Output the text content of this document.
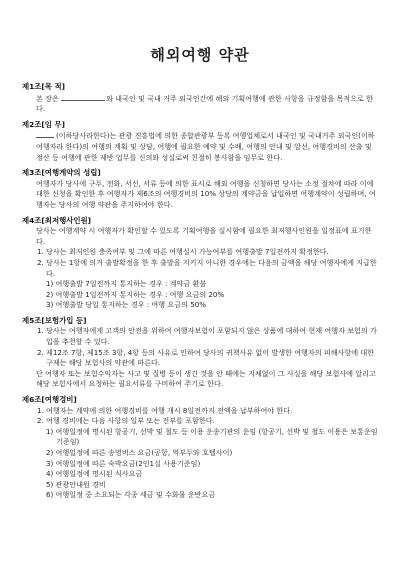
해외여행 약관
제1조[목 적]

본 장은	와 내국인 및 국내 거주 외국인간에 해외 기획여행에 관한 사항을 규정함을 목적으로 한다.

제2조[임 무]

(이하당사라한다)는 관광 진흥법에 의한 종합관광부 등록 여행업체로서 내국인 및 국내거주 외국인(이하 여행자라 한다)의 여행의 계획 및 상담, 여행에 필요한 예약 및 수배, 여행의 안내 및 알선, 여행경비의 산출 및 정산 등 여행에 관한 제반 업무를 신의와 성실로써 친절히 봉사함을 임무로 한다.

제3조[여행계약의 성립]

여행자가 당사에 구두, 전화, 서신, 서류 등에 의한 표시로 해외 여행을 신청하면 당사는 소정 절차에 따라 이에 대한 신청을 확인한 후 여행자가 제6조의 여행경비의 10% 상당의 계약금을 납입하면 여행계약이 성립하며, 여행자는 당사의 여행 약관을 주지하여야 한다.

제4조[최저행사인원]

당사는 여행계약 시 여행자가 확인할 수 있도록 기획여행을 실시함에 필요한 최저행사인원을 일정표에 표기한다.

1. 당사는 최저인원 충족여부 및 그에 따른 여행실시 가능여부를 여행출발 7일전까지 확정한다.

2. 당사는 1항에 의거 출발확정을 한 후 출발을 지키지 아니한 경우에는 다음의 금액을 해당 여행자에게 지급한다.

1) 여행출발 7일전까지 통지하는 경우 : 계약금 환불

2) 여행출발 1일전까지 통지하는 경우 : 여행 요금의 20%

3) 여행출발 당일 통지하는 경우 : 여행 요금의 50%

제5조[보험가입 등]

1. 당사는 여행자에게 고객의 안전을 위하여 여행자보험이 포함되지 않은 상품에 대하여 현재 여행자 보험의 가입을 추천할 수 있다.

2. 제12조 7항, 제15조 3항, 4항 등의 사유로 인하여 당사의 귀책사유 없이 발생한 여행자의 피해사항에 대한 구제는 해당 보험사의 약관에 따른다.

단 여행자 또는 보험수익자는 사고 및 질병 등이 생긴 것을 안 때에는 지체없이 그 사실을 해당 보험사에 알리고 해당 보험사에서 요청하는 필요서류를 구비하여 주기로 한다.

제6조[여행경비]

1. 여행자는 계약에 의한 여행경비를 여행 개시 8일전까지 전액을 납부하여야 한다.

2. 여행 경비에는 다음 사항의 일부 또는 전부를 포함한다.

1) 여행일정에 명시된 항공기, 선박 및 철도 등 이용 운송기관의 운임 (항공기, 선박 및 철도 이용은 보통운임 기준임)

2) 여행일정에 따른 송영버스 요금(공항, 역부두와 호텔사이)

3) 여행일정에 따른 숙박요금(2인1실 사용기준임)

4) 여행일정에 명시된 식사요금

5) 관광안내원 경비

6) 여행일정 중 소요되는 각종 세금 및 수화물 운반요금
